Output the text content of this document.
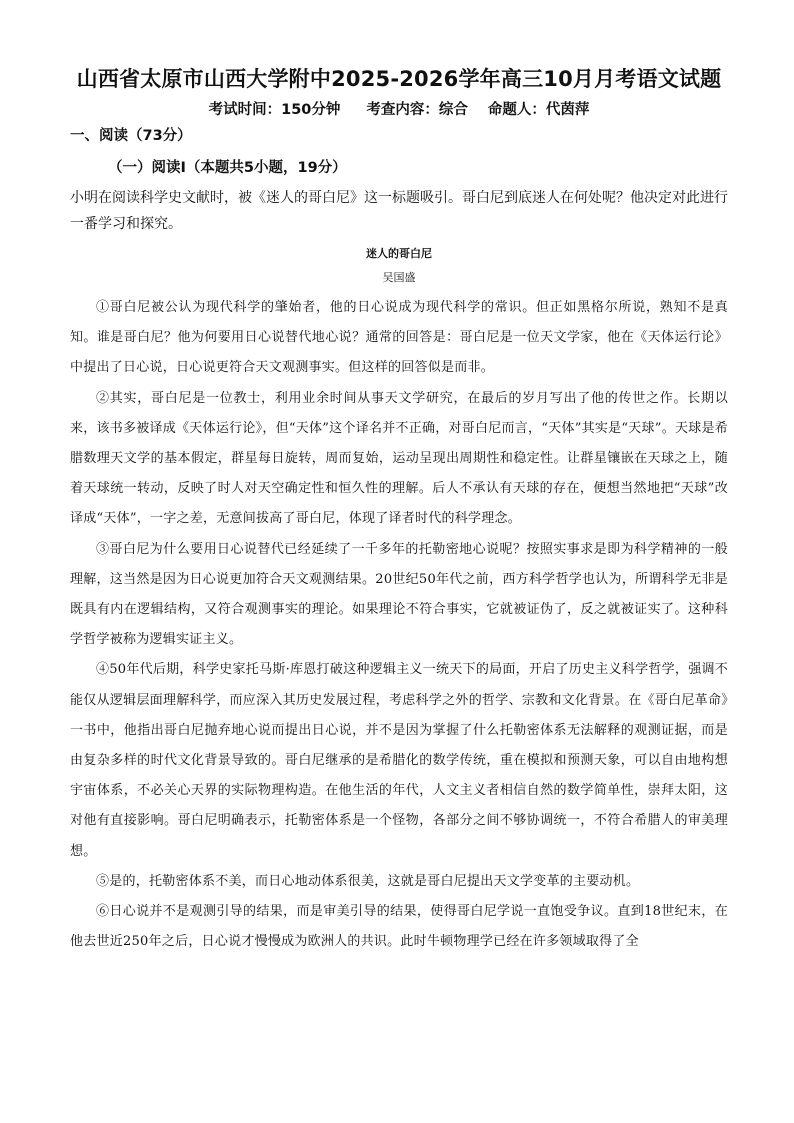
山西省太原市山西大学附中2025-2026学年高三10月月考语文试题
考试时间：150分钟 考查内容：综合 命题人：代茵萍
一、阅读（73分）
（一）阅读Ⅰ（本题共5小题，19分）
小明在阅读科学史文献时，被《迷人的哥白尼》这一标题吸引。哥白尼到底迷人在何处呢？他决定对此进行一番学习和探究。
迷人的哥白尼
吴国盛

①哥白尼被公认为现代科学的肇始者，他的日心说成为现代科学的常识。但正如黑格尔所说，熟知不是真知。谁是哥白尼？他为何要用日心说替代地心说？通常的回答是：哥白尼是一位天文学家，他在《天体运行论》中提出了日心说，日心说更符合天文观测事实。但这样的回答似是而非。

②其实，哥白尼是一位教士，利用业余时间从事天文学研究，在最后的岁月写出了他的传世之作。长期以来，该书多被译成《天体运行论》，但“天体”这个译名并不正确，对哥白尼而言，“天体”其实是“天球”。天球是希腊数理天文学的基本假定，群星每日旋转，周而复始，运动呈现出周期性和稳定性。让群星镶嵌在天球之上，随着天球统一转动，反映了时人对天空确定性和恒久性的理解。后人不承认有天球的存在，便想当然地把“天球”改译成“天体”，一字之差，无意间拔高了哥白尼，体现了译者时代的科学理念。

③哥白尼为什么要用日心说替代已经延续了一千多年的托勒密地心说呢？按照实事求是即为科学精神的一般理解，这当然是因为日心说更加符合天文观测结果。20世纪50年代之前，西方科学哲学也认为，所谓科学无非是既具有内在逻辑结构，又符合观测事实的理论。如果理论不符合事实，它就被证伪了，反之就被证实了。这种科学哲学被称为逻辑实证主义。

④50年代后期，科学史家托马斯·库恩打破这种逻辑主义一统天下的局面，开启了历史主义科学哲学，强调不能仅从逻辑层面理解科学，而应深入其历史发展过程，考虑科学之外的哲学、宗教和文化背景。在《哥白尼革命》一书中，他指出哥白尼抛弃地心说而提出日心说，并不是因为掌握了什么托勒密体系无法解释的观测证据，而是由复杂多样的时代文化背景导致的。哥白尼继承的是希腊化的数学传统，重在模拟和预测天象，可以自由地构想宇宙体系，不必关心天界的实际物理构造。在他生活的年代，人文主义者相信自然的数学简单性，崇拜太阳，这对他有直接影响。哥白尼明确表示，托勒密体系是一个怪物，各部分之间不够协调统一，不符合希腊人的审美理想。

⑤是的，托勒密体系不美，而日心地动体系很美，这就是哥白尼提出天文学变革的主要动机。

⑥日心说并不是观测引导的结果，而是审美引导的结果，使得哥白尼学说一直饱受争议。直到18世纪末，在他去世近250年之后，日心说才慢慢成为欧洲人的共识。此时牛顿物理学已经在许多领域取得了全
